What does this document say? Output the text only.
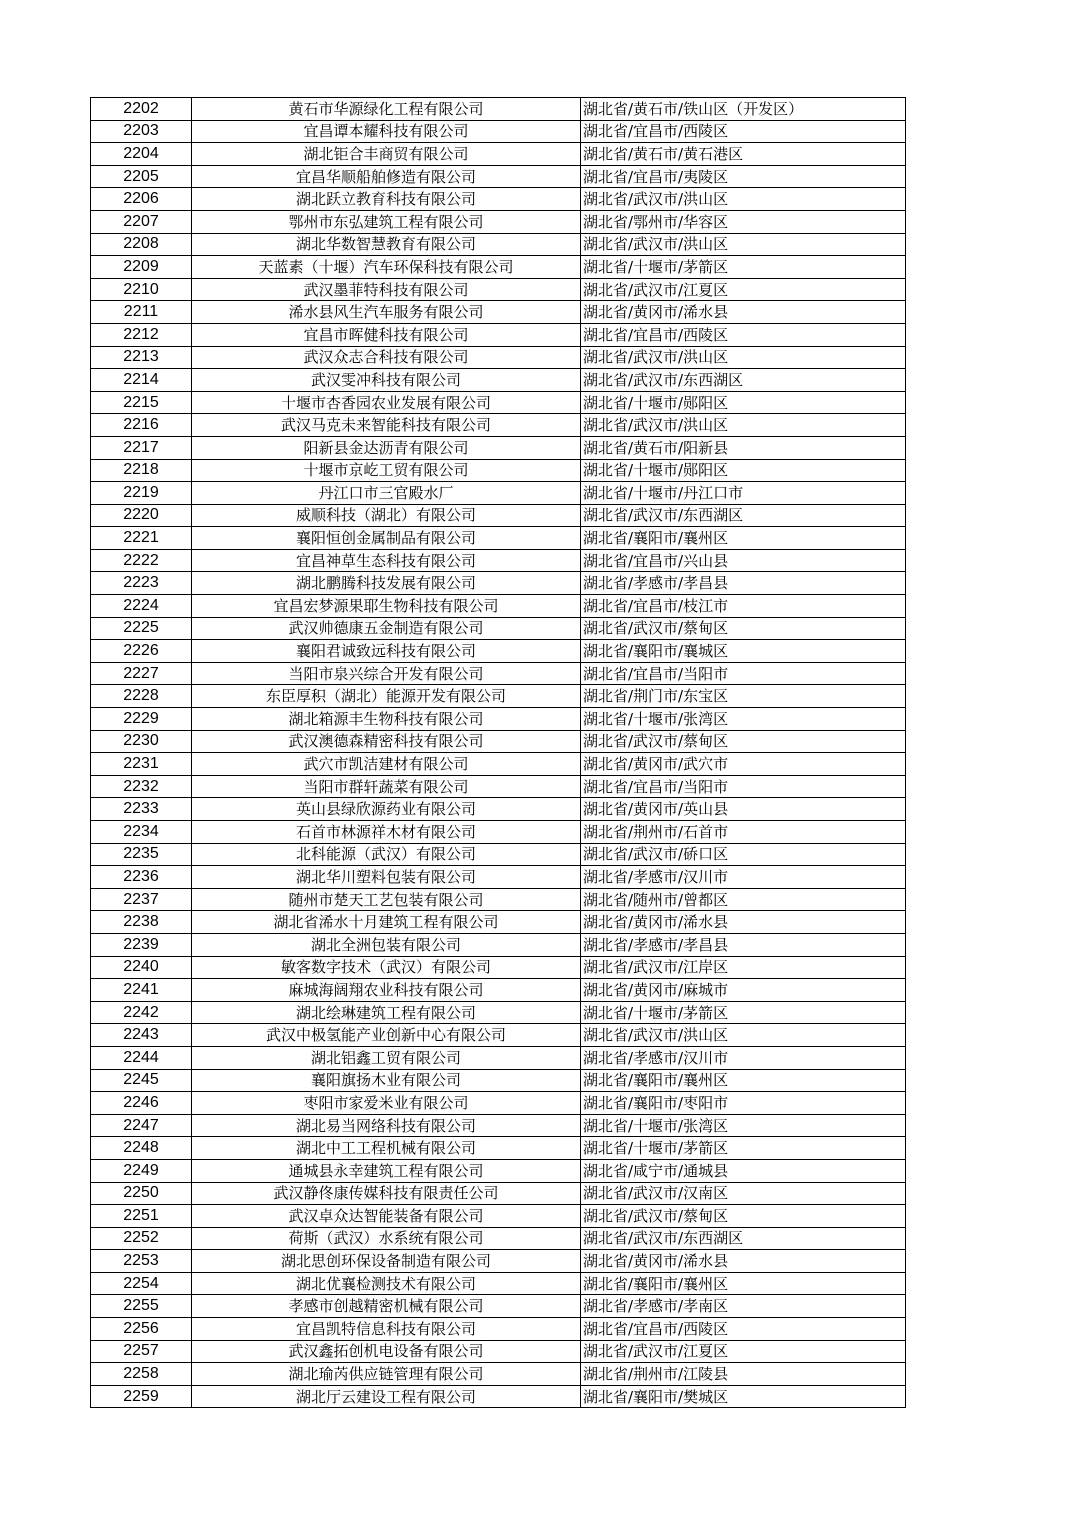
2202	黄石市华源绿化工程有限公司	湖北省/黄石市/铁山区（开发区）
2203	宜昌谭本耀科技有限公司	湖北省/宜昌市/西陵区
2204	湖北钜合丰商贸有限公司	湖北省/黄石市/黄石港区
2205	宜昌华顺船舶修造有限公司	湖北省/宜昌市/夷陵区
2206	湖北跃立教育科技有限公司	湖北省/武汉市/洪山区
2207	鄂州市东弘建筑工程有限公司	湖北省/鄂州市/华容区
2208	湖北华数智慧教育有限公司	湖北省/武汉市/洪山区
2209	天蓝素（十堰）汽车环保科技有限公司	湖北省/十堰市/茅箭区
2210	武汉墨菲特科技有限公司	湖北省/武汉市/江夏区
2211	浠水县风生汽车服务有限公司	湖北省/黄冈市/浠水县
2212	宜昌市晖健科技有限公司	湖北省/宜昌市/西陵区
2213	武汉众志合科技有限公司	湖北省/武汉市/洪山区
2214	武汉雯冲科技有限公司	湖北省/武汉市/东西湖区
2215	十堰市杏香园农业发展有限公司	湖北省/十堰市/郧阳区
2216	武汉马克未来智能科技有限公司	湖北省/武汉市/洪山区
2217	阳新县金达沥青有限公司	湖北省/黄石市/阳新县
2218	十堰市京屹工贸有限公司	湖北省/十堰市/郧阳区
2219	丹江口市三官殿水厂	湖北省/十堰市/丹江口市
2220	威顺科技（湖北）有限公司	湖北省/武汉市/东西湖区
2221	襄阳恒创金属制品有限公司	湖北省/襄阳市/襄州区
2222	宜昌神草生态科技有限公司	湖北省/宜昌市/兴山县
2223	湖北鹏腾科技发展有限公司	湖北省/孝感市/孝昌县
2224	宜昌宏梦源果耶生物科技有限公司	湖北省/宜昌市/枝江市
2225	武汉帅德康五金制造有限公司	湖北省/武汉市/蔡甸区
2226	襄阳君诚致远科技有限公司	湖北省/襄阳市/襄城区
2227	当阳市泉兴综合开发有限公司	湖北省/宜昌市/当阳市
2228	东臣厚积（湖北）能源开发有限公司	湖北省/荆门市/东宝区
2229	湖北箱源丰生物科技有限公司	湖北省/十堰市/张湾区
2230	武汉澳德森精密科技有限公司	湖北省/武汉市/蔡甸区
2231	武穴市凯洁建材有限公司	湖北省/黄冈市/武穴市
2232	当阳市群轩蔬菜有限公司	湖北省/宜昌市/当阳市
2233	英山县绿欣源药业有限公司	湖北省/黄冈市/英山县
2234	石首市林源祥木材有限公司	湖北省/荆州市/石首市
2235	北科能源（武汉）有限公司	湖北省/武汉市/硚口区
2236	湖北华川塑料包装有限公司	湖北省/孝感市/汉川市
2237	随州市楚天工艺包装有限公司	湖北省/随州市/曾都区
2238	湖北省浠水十月建筑工程有限公司	湖北省/黄冈市/浠水县
2239	湖北全洲包装有限公司	湖北省/孝感市/孝昌县
2240	敏客数字技术（武汉）有限公司	湖北省/武汉市/江岸区
2241	麻城海阔翔农业科技有限公司	湖北省/黄冈市/麻城市
2242	湖北绘琳建筑工程有限公司	湖北省/十堰市/茅箭区
2243	武汉中极氢能产业创新中心有限公司	湖北省/武汉市/洪山区
2244	湖北铝鑫工贸有限公司	湖北省/孝感市/汉川市
2245	襄阳旗扬木业有限公司	湖北省/襄阳市/襄州区
2246	枣阳市家爱米业有限公司	湖北省/襄阳市/枣阳市
2247	湖北易当网络科技有限公司	湖北省/十堰市/张湾区
2248	湖北中工工程机械有限公司	湖北省/十堰市/茅箭区
2249	通城县永幸建筑工程有限公司	湖北省/咸宁市/通城县
2250	武汉静佟康传媒科技有限责任公司	湖北省/武汉市/汉南区
2251	武汉卓众达智能装备有限公司	湖北省/武汉市/蔡甸区
2252	荷斯（武汉）水系统有限公司	湖北省/武汉市/东西湖区
2253	湖北思创环保设备制造有限公司	湖北省/黄冈市/浠水县
2254	湖北优襄检测技术有限公司	湖北省/襄阳市/襄州区
2255	孝感市创越精密机械有限公司	湖北省/孝感市/孝南区
2256	宜昌凯特信息科技有限公司	湖北省/宜昌市/西陵区
2257	武汉鑫拓创机电设备有限公司	湖北省/武汉市/江夏区
2258	湖北瑜芮供应链管理有限公司	湖北省/荆州市/江陵县
2259	湖北厅云建设工程有限公司	湖北省/襄阳市/樊城区
